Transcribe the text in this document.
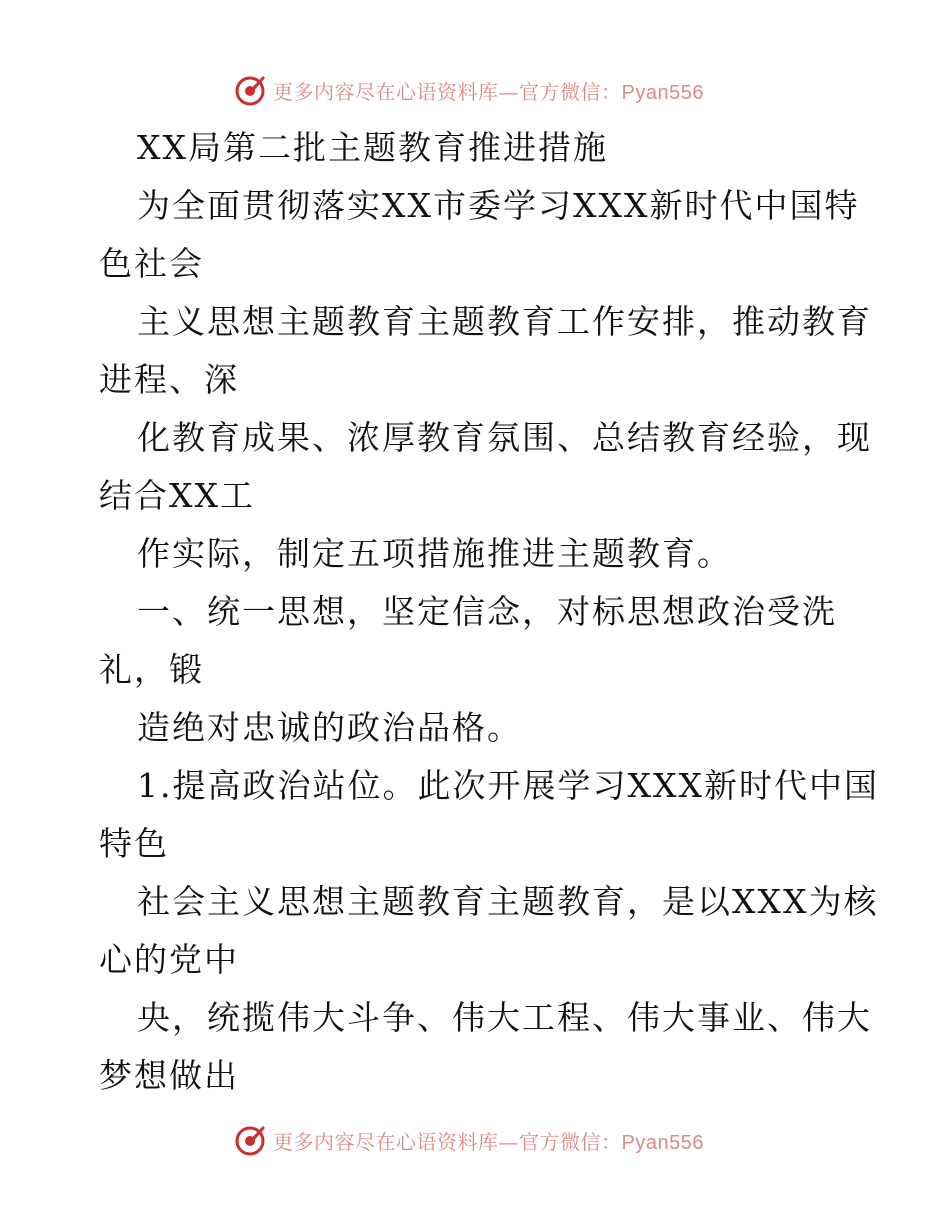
更多内容尽在心语资料库—官方微信：Pyan556
XX局第二批主题教育推进措施
为全面贯彻落实XX市委学习XXX新时代中国特
色社会
主义思想主题教育主题教育工作安排，推动教育
进程、深
化教育成果、浓厚教育氛围、总结教育经验，现
结合XX工
作实际，制定五项措施推进主题教育。
一、统一思想，坚定信念，对标思想政治受洗
礼，锻
造绝对忠诚的政治品格。
1.提高政治站位。此次开展学习XXX新时代中国
特色
社会主义思想主题教育主题教育，是以XXX为核
心的党中
央，统揽伟大斗争、伟大工程、伟大事业、伟大
梦想做出
更多内容尽在心语资料库—官方微信：Pyan556
